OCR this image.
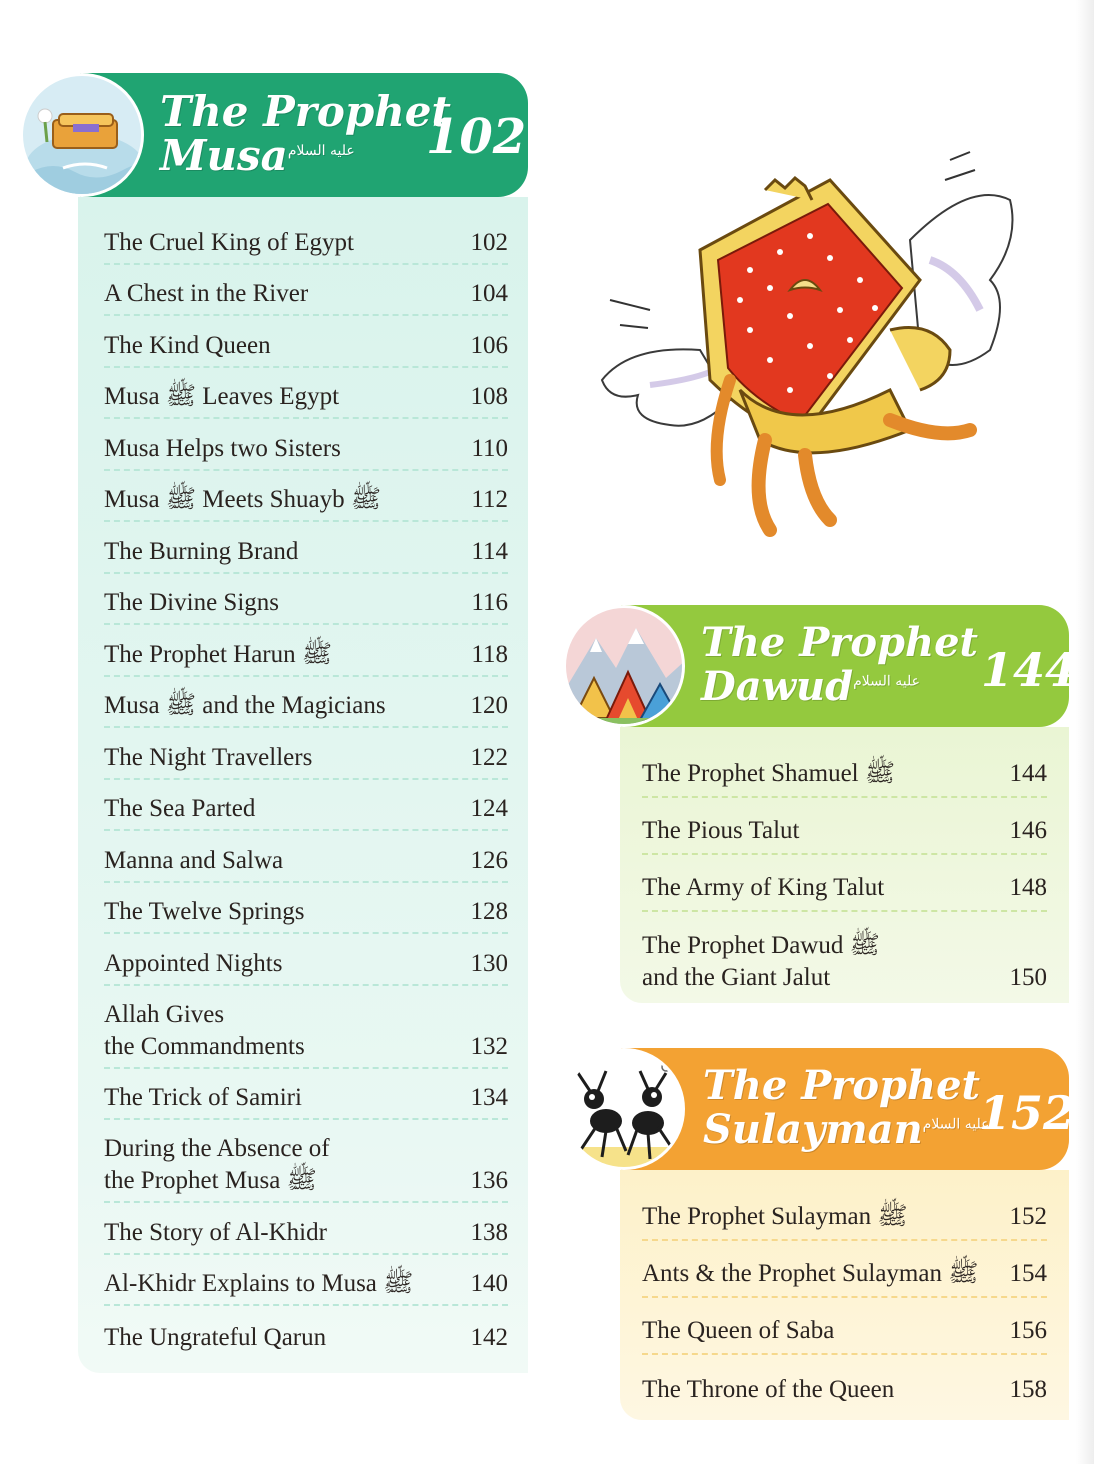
The Cruel King of Egypt	102
A Chest in the River	104
The Kind Queen	106
Musa ﷺ Leaves Egypt	108
Musa Helps two Sisters	110
Musa ﷺ Meets Shuayb ﷺ	112
The Burning Brand	114
The Divine Signs	116
The Prophet Harun ﷺ	118
Musa ﷺ and the Magicians	120
The Night Travellers	122
The Sea Parted	124
Manna and Salwa	126
The Twelve Springs	128
Appointed Nights	130
Allah Gives
the Commandments	132
The Trick of Samiri	134
During the Absence of
the Prophet Musa ﷺ	136
The Story of Al-Khidr	138
Al-Khidr Explains to Musa ﷺ 140
The Ungrateful Qarun	142
The Prophet
Musa$^{عليه السلام}$	102
The Prophet Shamuel ﷺ	144
The Pious Talut	146
The Army of King Talut	148
The Prophet Dawud ﷺ
and the Giant Jalut	150
The Prophet
Dawud$^{عليه السلام}$	144
The Prophet Sulayman ﷺ	152
Ants & the Prophet Sulayman ﷺ 154
The Queen of Saba	156
The Throne of the Queen	158
The Prophet
Sulayman$^{عليه السلام}$
152
